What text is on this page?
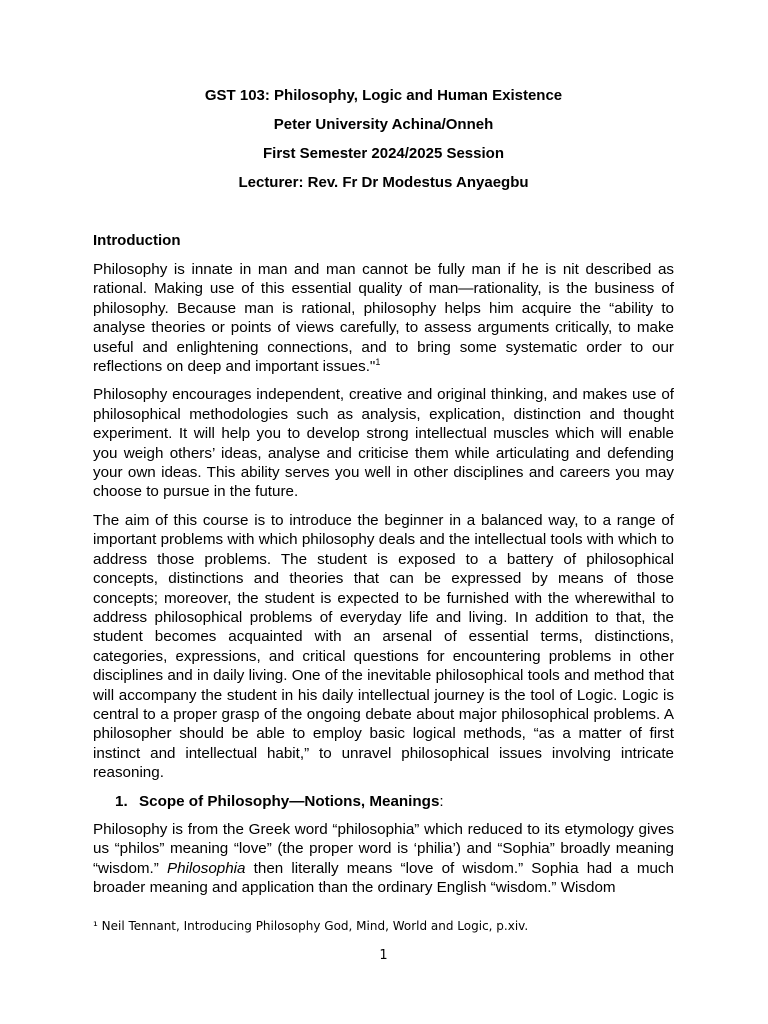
GST 103: Philosophy, Logic and Human Existence

Peter University Achina/Onneh

First Semester 2024/2025 Session

Lecturer: Rev. Fr Dr Modestus Anyaegbu

Introduction

Philosophy is innate in man and man cannot be fully man if he is nit described as rational. Making use of this essential quality of man—rationality, is the business of philosophy. Because man is rational, philosophy helps him acquire the “ability to analyse theories or points of views carefully, to assess arguments critically, to make useful and enlightening connections, and to bring some systematic order to our reflections on deep and important issues."$^1$

Philosophy encourages independent, creative and original thinking, and makes use of philosophical methodologies such as analysis, explication, distinction and thought experiment. It will help you to develop strong intellectual muscles which will enable you weigh others’ ideas, analyse and criticise them while articulating and defending your own ideas. This ability serves you well in other disciplines and careers you may choose to pursue in the future.

The aim of this course is to introduce the beginner in a balanced way, to a range of important problems with which philosophy deals and the intellectual tools with which to address those problems. The student is exposed to a battery of philosophical concepts, distinctions and theories that can be expressed by means of those concepts; moreover, the student is expected to be furnished with the wherewithal to address philosophical problems of everyday life and living. In addition to that, the student becomes acquainted with an arsenal of essential terms, distinctions, categories, expressions, and critical questions for encountering problems in other disciplines and in daily living. One of the inevitable philosophical tools and method that will accompany the student in his daily intellectual journey is the tool of Logic. Logic is central to a proper grasp of the ongoing debate about major philosophical problems. A philosopher should be able to employ basic logical methods, “as a matter of first instinct and intellectual habit,” to unravel philosophical issues involving intricate reasoning.

1. Scope of Philosophy—Notions, Meanings:

Philosophy is from the Greek word “philosophia” which reduced to its etymology gives us “philos” meaning “love” (the proper word is ‘philia’) and “Sophia” broadly meaning “wisdom.” Philosophia then literally means “love of wisdom.” Sophia had a much broader meaning and application than the ordinary English “wisdom.” Wisdom

¹ Neil Tennant, Introducing Philosophy God, Mind, World and Logic, p.xiv.

1
